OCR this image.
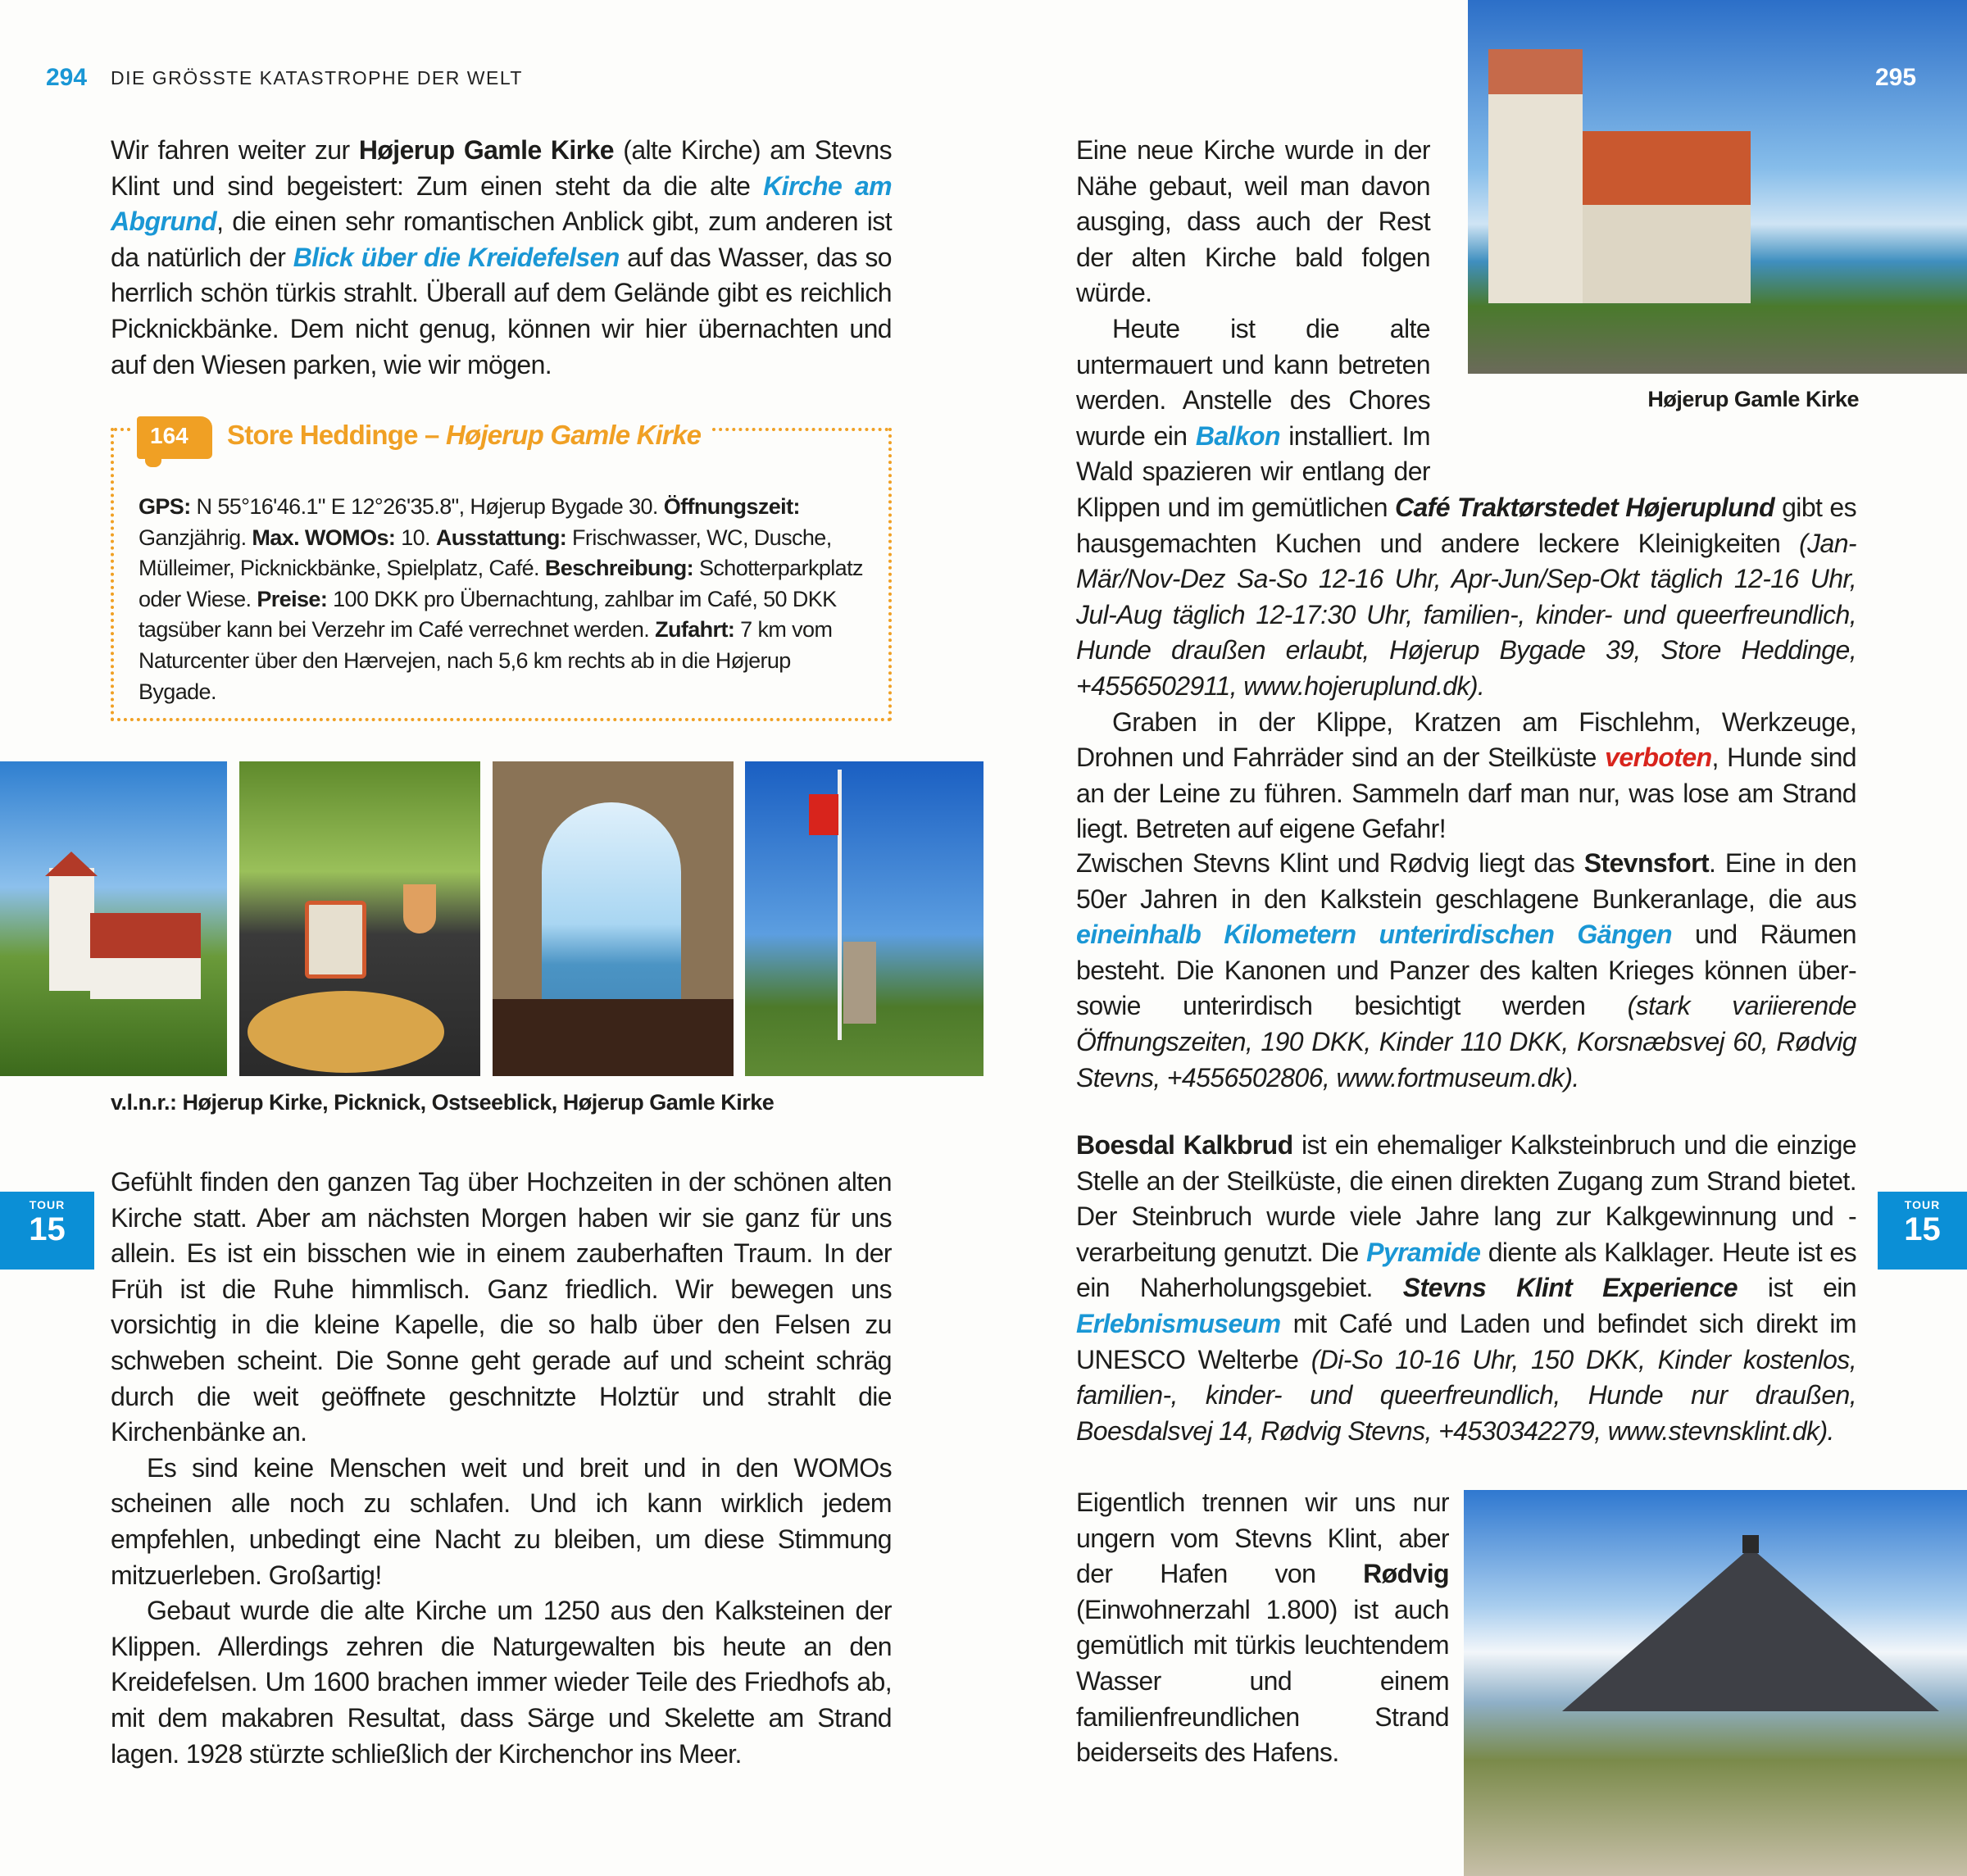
294 DIE GRÖSSTE KATASTROPHE DER WELT

Wir fahren weiter zur Højerup Gamle Kirke (alte Kirche) am Stevns Klint und sind begeistert: Zum einen steht da die alte Kirche am Abgrund, die einen sehr romantischen Anblick gibt, zum anderen ist da natürlich der Blick über die Kreidefelsen auf das Wasser, das so herrlich schön türkis strahlt. Überall auf dem Gelände gibt es reichlich Picknickbänke. Dem nicht genug, können wir hier übernachten und auf den Wiesen parken, wie wir mögen.

164	Store Heddinge – Højerup Gamle Kirke

GPS: N 55°16'46.1" E 12°26'35.8", Højerup Bygade 30. Öffnungszeit: Ganzjährig. Max. WOMOs: 10. Ausstattung: Frischwasser, WC, Dusche, Mülleimer, Picknickbänke, Spielplatz, Café. Beschreibung: Schotterparkplatz oder Wiese. Preise: 100 DKK pro Übernachtung, zahlbar im Café, 50 DKK tagsüber kann bei Verzehr im Café verrechnet werden. Zufahrt: 7 km vom Naturcenter über den Hærvejen, nach 5,6 km rechts ab in die Højerup Bygade.

v.l.n.r.: Højerup Kirke, Picknick, Ostseeblick, Højerup Gamle Kirke
TOUR
15

Gefühlt finden den ganzen Tag über Hochzeiten in der schönen alten Kirche statt. Aber am nächsten Morgen haben wir sie ganz für uns allein. Es ist ein bisschen wie in einem zauberhaften Traum. In der Früh ist die Ruhe himmlisch. Ganz friedlich. Wir bewegen uns vorsichtig in die kleine Kapelle, die so halb über den Felsen zu schweben scheint. Die Sonne geht gerade auf und scheint schräg durch die weit geöffnete geschnitzte Holztür und strahlt die Kirchenbänke an.

Es sind keine Menschen weit und breit und in den WOMOs scheinen alle noch zu schlafen. Und ich kann wirklich jedem empfehlen, unbedingt eine Nacht zu bleiben, um diese Stimmung mitzuerleben. Großartig!

Gebaut wurde die alte Kirche um 1250 aus den Kalksteinen der Klippen. Allerdings zehren die Naturgewalten bis heute an den Kreidefelsen. Um 1600 brachen immer wieder Teile des Friedhofs ab, mit dem makabren Resultat, dass Särge und Skelette am Strand lagen. 1928 stürzte schließlich der Kirchenchor ins Meer.

295
Højerup Gamle Kirke

Eine neue Kirche wurde in der Nähe gebaut, weil man davon ausging, dass auch der Rest der alten Kirche bald folgen würde.

Heute ist die alte untermauert und kann betreten werden. Anstelle des Chores wurde ein Balkon installiert. Im Wald spazieren wir entlang der Klippen und im gemütlichen Café Traktørstedet Højeruplund gibt es hausgemachten Kuchen und andere leckere Kleinigkeiten (Jan-Mär/Nov-Dez Sa-So 12-16 Uhr, Apr-Jun/Sep-Okt täglich 12-16 Uhr, Jul-Aug täglich 12-17:30 Uhr, familien-, kinder- und queerfreundlich, Hunde draußen erlaubt, Højerup Bygade 39, Store Heddinge, +4556502911, www.hojeruplund.dk).

Graben in der Klippe, Kratzen am Fischlehm, Werkzeuge, Drohnen und Fahrräder sind an der Steilküste verboten, Hunde sind an der Leine zu führen. Sammeln darf man nur, was lose am Strand liegt. Betreten auf eigene Gefahr!

Zwischen Stevns Klint und Rødvig liegt das Stevnsfort. Eine in den 50er Jahren in den Kalkstein geschlagene Bunkeranlage, die aus eineinhalb Kilometern unterirdischen Gängen und Räumen besteht. Die Kanonen und Panzer des kalten Krieges können über- sowie unterirdisch besichtigt werden (stark variierende Öffnungszeiten, 190 DKK, Kinder 110 DKK, Korsnæbsvej 60, Rødvig Stevns, +4556502806, www.fortmuseum.dk).

Boesdal Kalkbrud ist ein ehemaliger Kalksteinbruch und die einzige Stelle an der Steilküste, die einen direkten Zugang zum Strand bietet. Der Steinbruch wurde viele Jahre lang zur Kalkgewinnung und -verarbeitung genutzt. Die Pyramide diente als Kalklager. Heute ist es ein Naherholungsgebiet. Stevns Klint Experience ist ein Erlebnismuseum mit Café und Laden und befindet sich direkt im UNESCO Welterbe (Di-So 10-16 Uhr, 150 DKK, Kinder kostenlos, familien-, kinder- und queerfreundlich, Hunde nur draußen, Boesdalsvej 14, Rødvig Stevns, +4530342279, www.stevnsklint.dk).

TOUR
15

Eigentlich trennen wir uns nur ungern vom Stevns Klint, aber der Hafen von Rødvig (Einwohnerzahl 1.800) ist auch gemütlich mit türkis leuchtendem Wasser und einem familienfreundlichen Strand beiderseits des Hafens.
